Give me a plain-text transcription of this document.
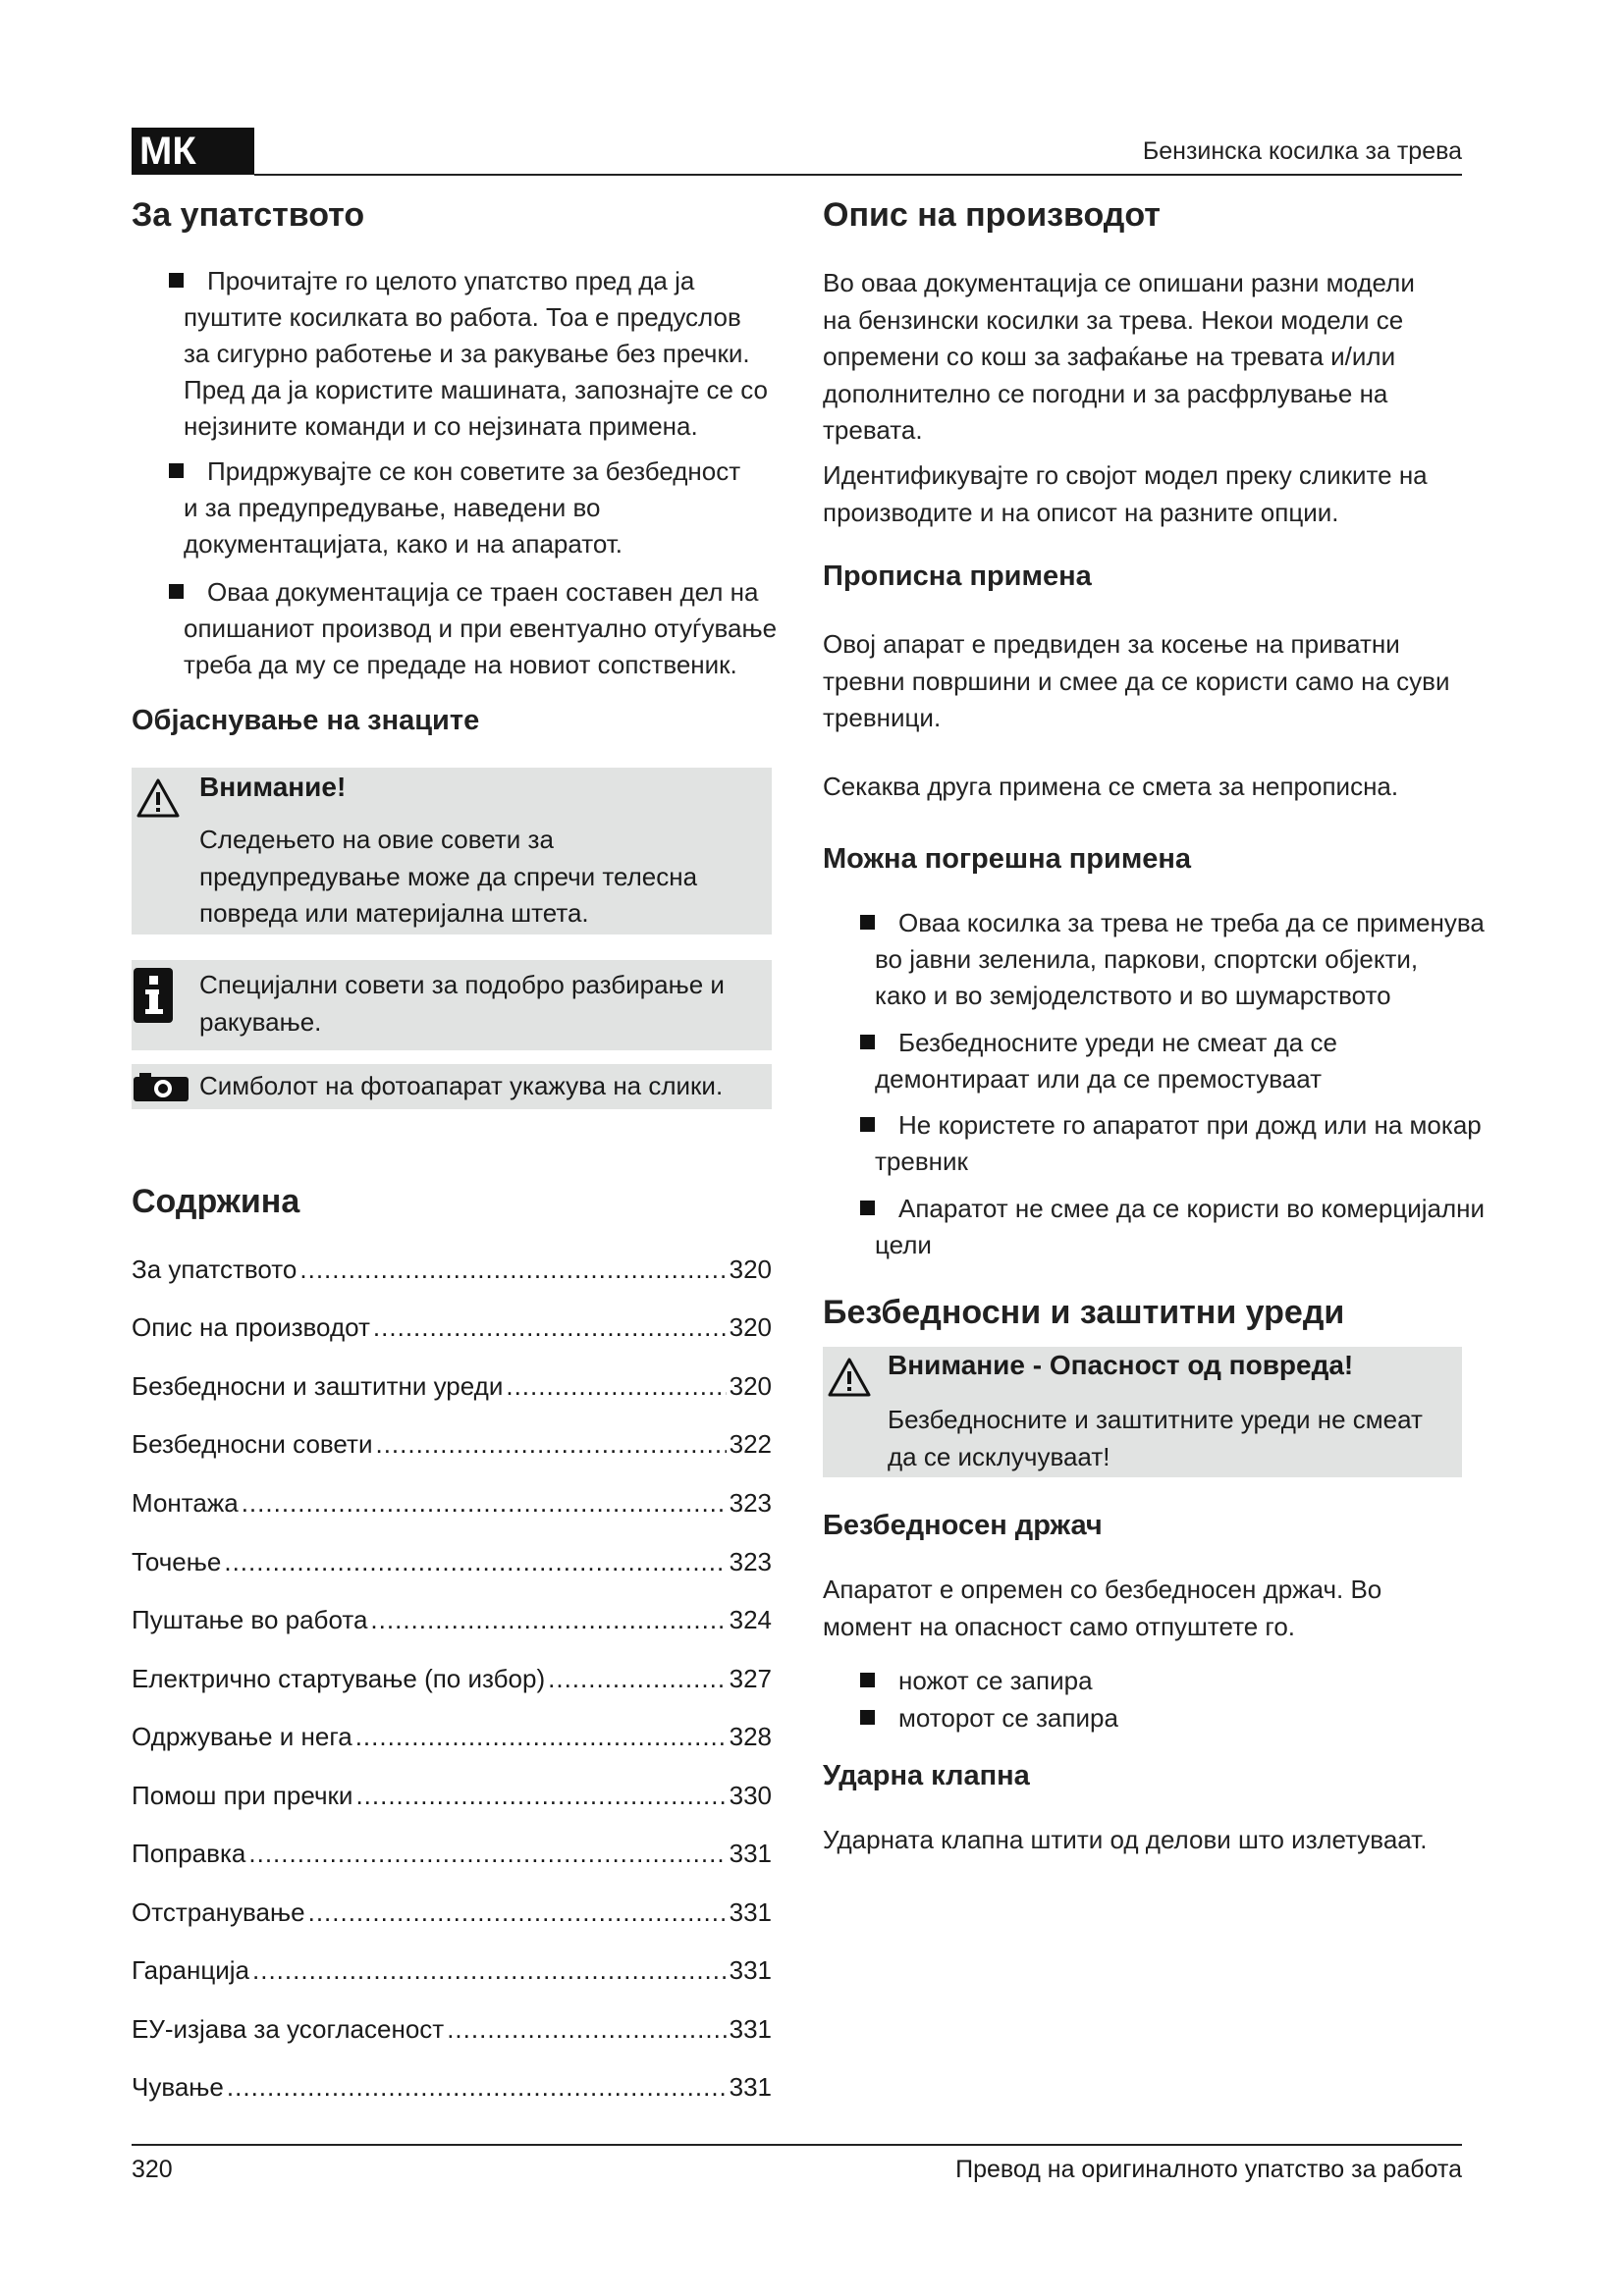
МК	Бензинска косилка за трева
За упатството
Прочитајте го целото упатство пред да ја
пуштите косилката во работа. Тоа е предуслов
за сигурно работење и за ракување без пречки.
Пред да ја користите машината, запознајте се со
нејзините команди и со нејзината примена.
Придржувајте се кон советите за безбедност
и за предупредување, наведени во
документацијата, како и на апаратот.
Оваа документација се траен составен дел на
опишаниот производ и при евентуално отуѓување
треба да му се предаде на новиот сопственик.
Објаснување на знаците
Внимание!
Следењето на овие совети за
предупредување може да спречи телесна
повреда или материјална штета.
Специјални совети за подобро разбирање и
ракување.
Симболот на фотоапарат укажува на слики.
Содржина
За упатството .....	320
Опис на производот .....	320
Безбедносни и заштитни уреди .....	320
Безбедносни совети .....	322
Монтажа .....	323
Точење .....	323
Пуштање во работа .....	324
Електрично стартување (по избор) .....	327
Одржување и нега .....	328
Помош при пречки .....	330
Поправка .....	331
Отстранување .....	331
Гаранција .....	331
ЕУ-изјава за усогласеност .....	331
Чување .....	331
Опис на производот
Во оваа документација се опишани разни модели
на бензински косилки за трева. Некои модели се
опремени со кош за зафаќање на тревата и/или
дополнително се погодни и за расфрлување на
тревата.
Идентификувајте го својот модел преку сликите на
производите и на описот на разните опции.
Прописна примена
Овој апарат е предвиден за косење на приватни
тревни површини и смее да се користи само на суви
тревници.
Секаква друга примена се смета за непрописна.
Можна погрешна примена
Оваа косилка за трева не треба да се применува
во јавни зеленила, паркови, спортски објекти,
како и во земјоделството и во шумарството
Безбедносните уреди не смеат да се
демонтираат или да се премостуваат
Не користете го апаратот при дожд или на мокар
тревник
Апаратот не смее да се користи во комерцијални
цели
Безбедносни и заштитни уреди
Внимание - Опасност од повреда!
Безбедносните и заштитните уреди не смеат
да се исклучуваат!
Безбедносен држач
Апаратот е опремен со безбедносен држач. Во
момент на опасност само отпуштете го.
ножот се запира
моторот се запира
Ударна клапна
Ударната клапна штити од делови што излетуваат.
320	Превод на оригиналното упатство за работа
